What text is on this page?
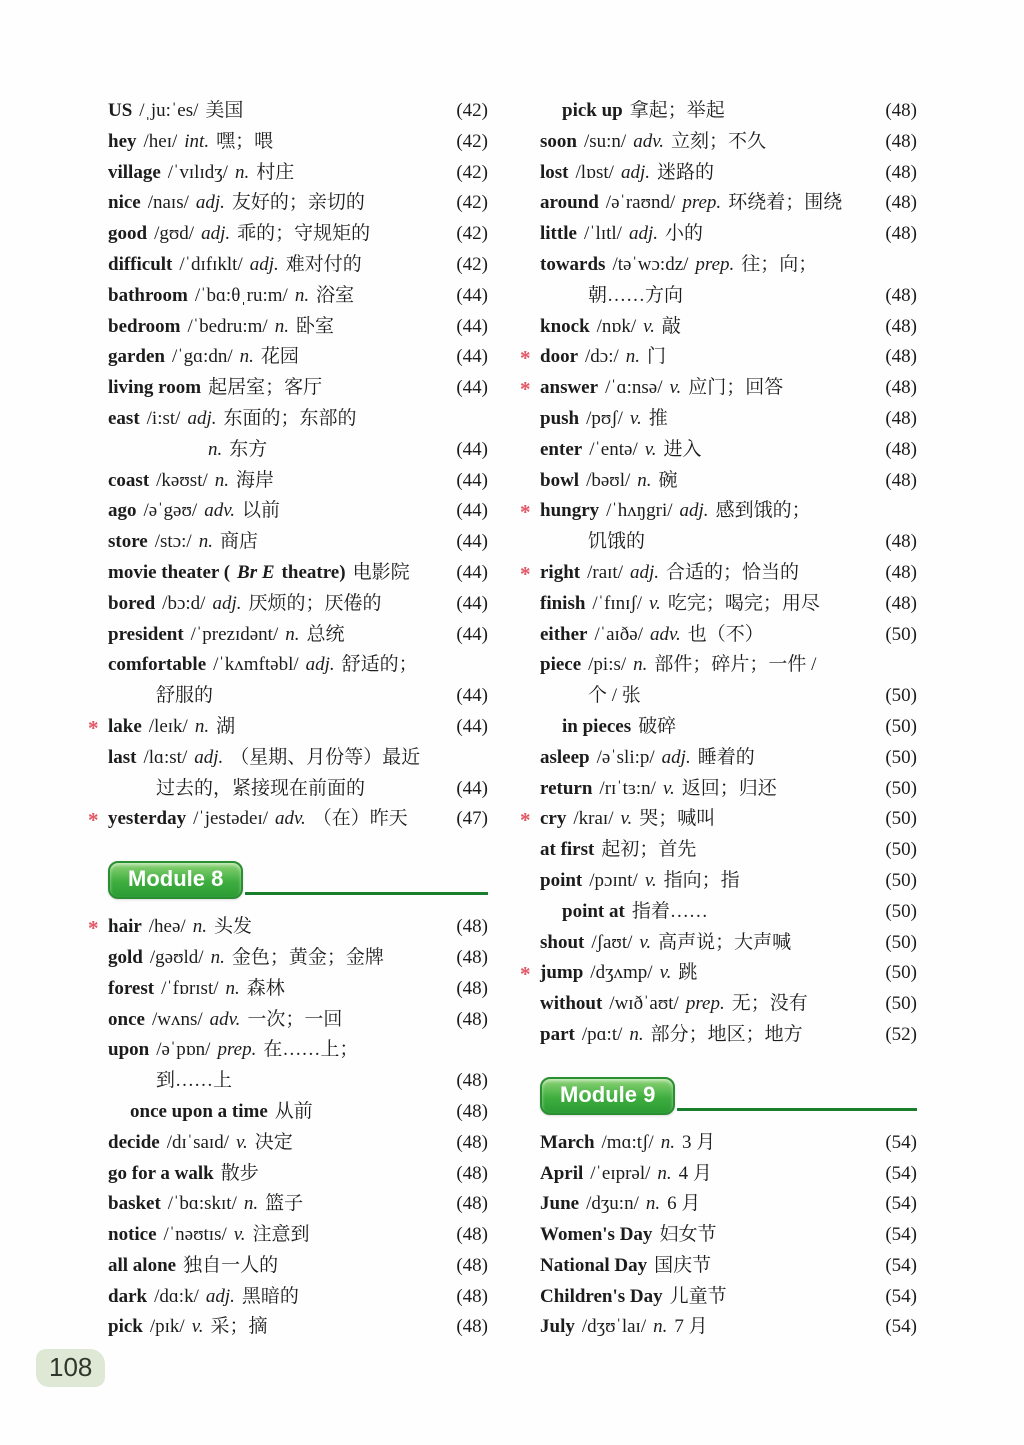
US /ˌju:ˈes/ 美国	(42)
hey /heɪ/ int. 嘿；喂	(42)
village /ˈvɪlɪdʒ/ n. 村庄	(42)
nice /naɪs/ adj. 友好的；亲切的	(42)
good /gʊd/ adj. 乖的；守规矩的	(42)
difficult /ˈdɪfɪklt/ adj. 难对付的	(42)
bathroom /ˈbɑ:θˌru:m/ n. 浴室	(44)
bedroom /ˈbedru:m/ n. 卧室	(44)
garden /ˈgɑ:dn/ n. 花园	(44)
living room 起居室；客厅	(44)
east /i:st/ adj. 东面的；东部的
n. 东方	(44)
coast /kəʊst/ n. 海岸	(44)
ago /əˈgəʊ/ adv. 以前	(44)
store /stɔ:/ n. 商店	(44)
movie theater ( Br E theatre) 电影院 (44)
bored /bɔ:d/ adj. 厌烦的；厌倦的	(44)
president /ˈprezɪdənt/ n. 总统	(44)
comfortable /ˈkʌmftəbl/ adj. 舒适的；
舒服的	(44)
* lake /leɪk/ n. 湖	(44)
last /lɑ:st/ adj. （星期、月份等）最近
过去的，紧接现在前面的	(44)
* yesterday /ˈjestədeɪ/ adv. （在）昨天	(47)
Module 8
* hair /heə/ n. 头发	(48)
gold /gəʊld/ n. 金色；黄金；金牌	(48)
forest /ˈfɒrɪst/ n. 森林	(48)
once /wʌns/ adv. 一次；一回	(48)
upon /əˈpɒn/ prep. 在……上；
到……上	(48)
once upon a time 从前	(48)
decide /dɪˈsaɪd/ v. 决定	(48)
go for a walk 散步	(48)
basket /ˈbɑ:skɪt/ n. 篮子	(48)
notice /ˈnəʊtɪs/ v. 注意到	(48)
all alone 独自一人的	(48)
dark /dɑ:k/ adj. 黑暗的	(48)
pick /pɪk/ v. 采；摘	(48)
pick up 拿起；举起	(48)
soon /su:n/ adv. 立刻；不久	(48)
lost /lɒst/ adj. 迷路的	(48)
around /əˈraʊnd/ prep. 环绕着；围绕 (48)
little /ˈlɪtl/ adj. 小的	(48)
towards /təˈwɔ:dz/ prep. 往；向；
朝……方向	(48)
knock /nɒk/ v. 敲	(48)
* door /dɔ:/ n. 门	(48)
* answer /ˈɑ:nsə/ v. 应门；回答	(48)
push /pʊʃ/ v. 推	(48)
enter /ˈentə/ v. 进入	(48)
bowl /bəʊl/ n. 碗	(48)
* hungry /ˈhʌŋgri/ adj. 感到饿的；
饥饿的	(48)
* right /raɪt/ adj. 合适的；恰当的	(48)
finish /ˈfɪnɪʃ/ v. 吃完；喝完；用尽	(48)
either /ˈaɪðə/ adv. 也（不）	(50)
piece /pi:s/ n. 部件；碎片；一件 /
个 / 张	(50)
in pieces 破碎	(50)
asleep /əˈsli:p/ adj. 睡着的	(50)
return /rɪˈtɜ:n/ v. 返回；归还	(50)
* cry /kraɪ/ v. 哭；喊叫	(50)
at first 起初；首先	(50)
point /pɔɪnt/ v. 指向；指	(50)
point at 指着……	(50)
shout /ʃaʊt/ v. 高声说；大声喊	(50)
* jump /dʒʌmp/ v. 跳	(50)
without /wɪðˈaʊt/ prep. 无；没有	(50)
part /pɑ:t/ n. 部分；地区；地方	(52)
Module 9
March /mɑ:tʃ/ n. 3 月	(54)
April /ˈeɪprəl/ n. 4 月	(54)
June /dʒu:n/ n. 6 月	(54)
Women's Day 妇女节	(54)
National Day 国庆节	(54)
Children's Day 儿童节	(54)
July /dʒʊˈlaɪ/ n. 7 月	(54)
108
